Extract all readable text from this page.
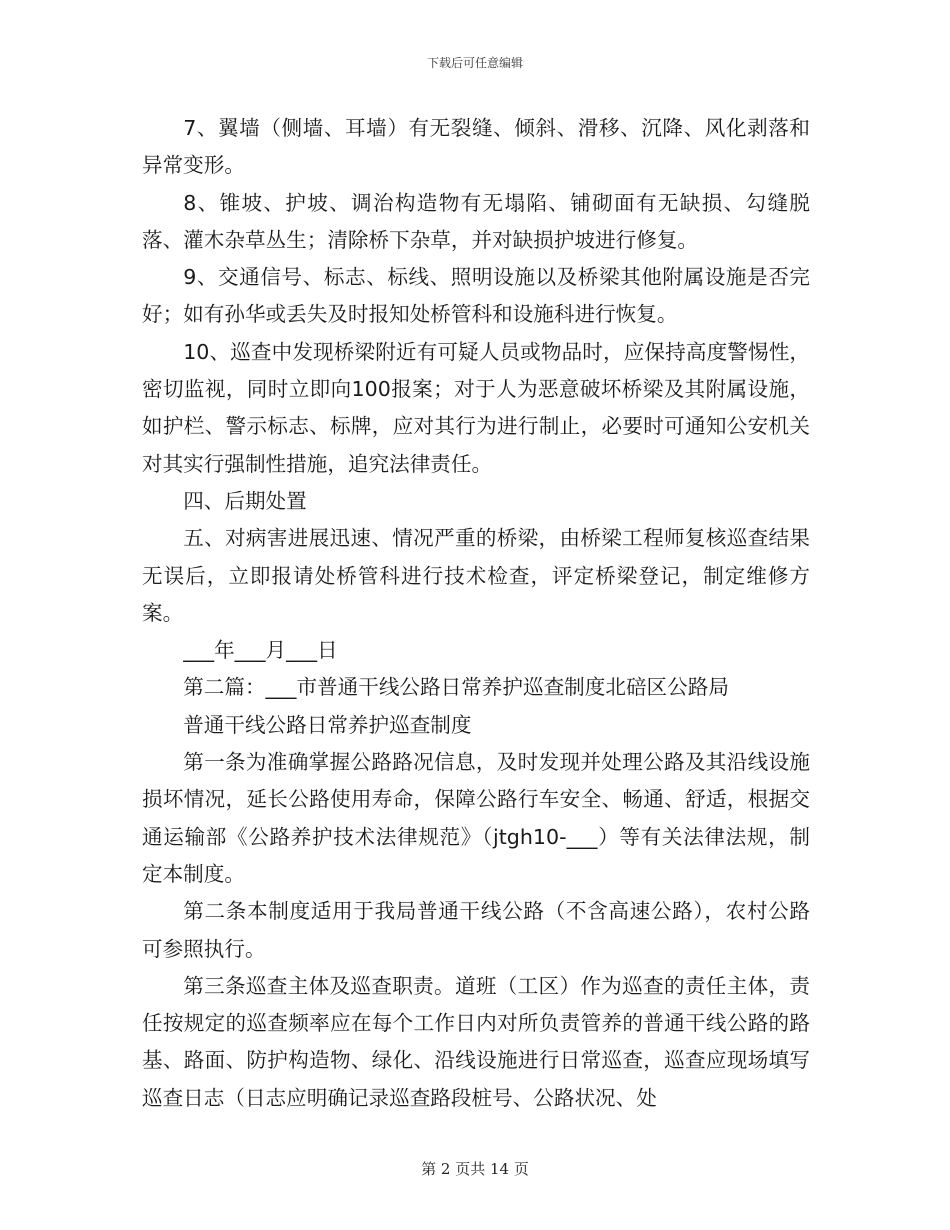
下载后可任意编辑

7、翼墙（侧墙、耳墙）有无裂缝、倾斜、滑移、沉降、风化剥落和异常变形。

8、锥坡、护坡、调治构造物有无塌陷、铺砌面有无缺损、勾缝脱落、灌木杂草丛生；清除桥下杂草，并对缺损护坡进行修复。

9、交通信号、标志、标线、照明设施以及桥梁其他附属设施是否完好；如有孙华或丢失及时报知处桥管科和设施科进行恢复。

10、巡查中发现桥梁附近有可疑人员或物品时，应保持高度警惕性，密切监视，同时立即向100报案；对于人为恶意破坏桥梁及其附属设施，如护栏、警示标志、标牌，应对其行为进行制止，必要时可通知公安机关对其实行强制性措施，追究法律责任。

四、后期处置

五、对病害进展迅速、情况严重的桥梁，由桥梁工程师复核巡查结果无误后，立即报请处桥管科进行技术检查，评定桥梁登记，制定维修方案。

___年___月___日

第二篇：___市普通干线公路日常养护巡查制度北碚区公路局

普通干线公路日常养护巡查制度

第一条为准确掌握公路路况信息，及时发现并处理公路及其沿线设施损坏情况，延长公路使用寿命，保障公路行车安全、畅通、舒适，根据交通运输部《公路养护技术法律规范》（jtgh10-___）等有关法律法规，制定本制度。

第二条本制度适用于我局普通干线公路（不含高速公路），农村公路可参照执行。

第三条巡查主体及巡查职责。道班（工区）作为巡查的责任主体，责任按规定的巡查频率应在每个工作日内对所负责管养的普通干线公路的路基、路面、防护构造物、绿化、沿线设施进行日常巡查，巡查应现场填写巡查日志（日志应明确记录巡查路段桩号、公路状况、处

第 2 页共 14 页
